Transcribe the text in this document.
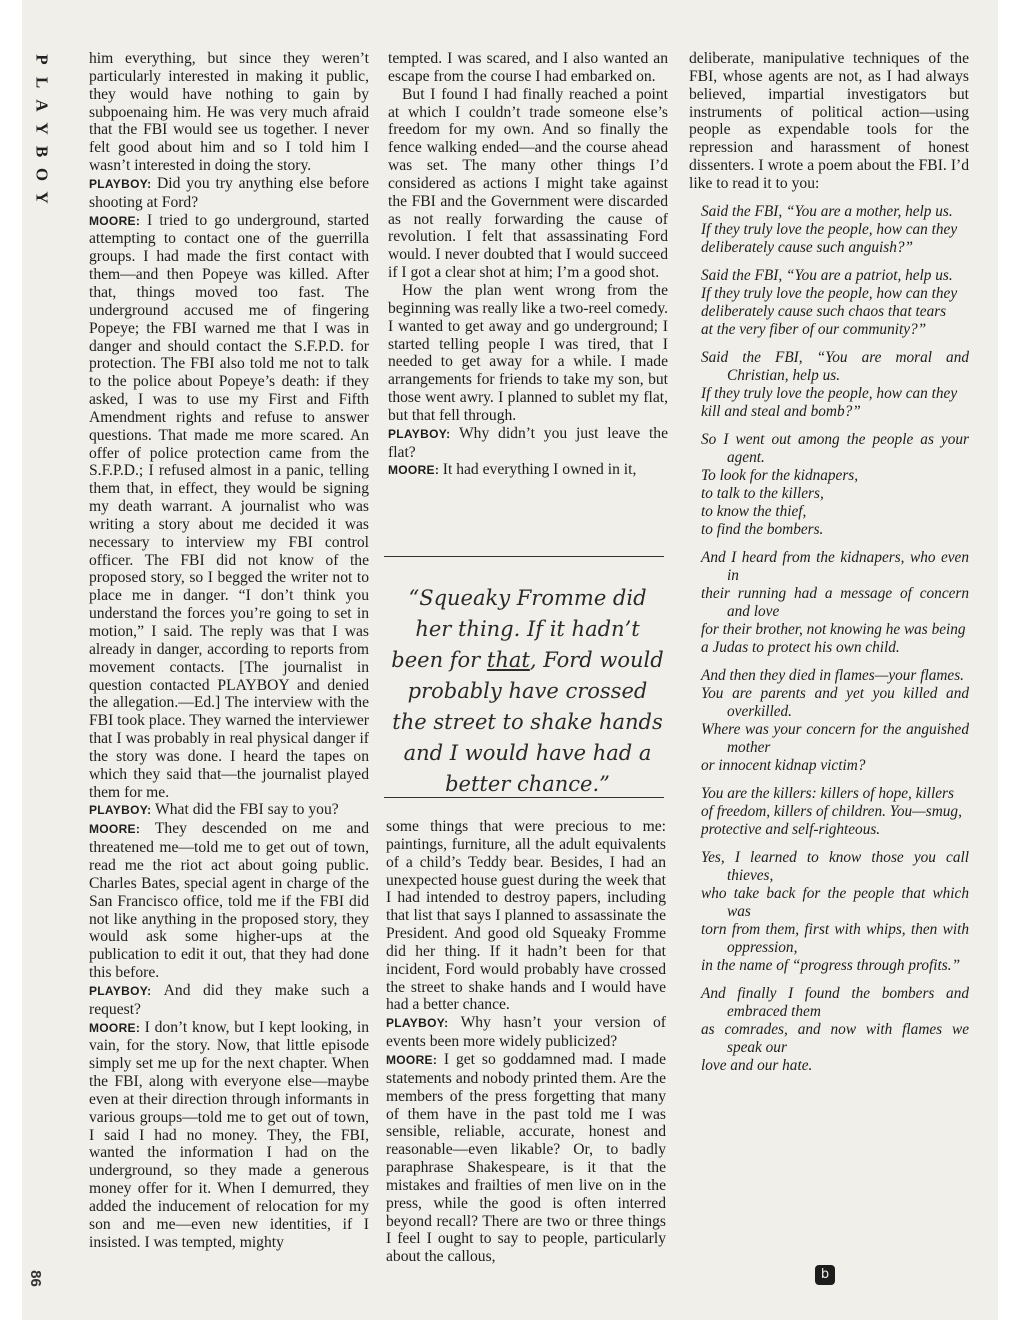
P
L
A
Y
B
O
Y
86

him everything, but since they weren’t particularly interested in making it public, they would have nothing to gain by subpoenaing him. He was very much afraid that the FBI would see us together. I never felt good about him and so I told him I wasn’t interested in doing the story.

PLAYBOY: Did you try anything else before shooting at Ford?

MOORE: I tried to go underground, started attempting to contact one of the guerrilla groups. I had made the first contact with them—and then Popeye was killed. After that, things moved too fast. The underground accused me of fingering Popeye; the FBI warned me that I was in danger and should contact the S.F.P.D. for protection. The FBI also told me not to talk to the police about Popeye’s death: if they asked, I was to use my First and Fifth Amendment rights and refuse to answer questions. That made me more scared. An offer of police protection came from the S.F.P.D.; I refused almost in a panic, telling them that, in effect, they would be signing my death warrant. A journalist who was writing a story about me decided it was necessary to interview my FBI control officer. The FBI did not know of the proposed story, so I begged the writer not to place me in danger. “I don’t think you understand the forces you’re going to set in motion,” I said. The reply was that I was already in danger, according to reports from movement contacts. [The journalist in question contacted PLAYBOY and denied the allegation.—Ed.] The interview with the FBI took place. They warned the interviewer that I was probably in real physical danger if the story was done. I heard the tapes on which they said that—the journalist played them for me.

PLAYBOY: What did the FBI say to you?

MOORE: They descended on me and threatened me—told me to get out of town, read me the riot act about going public. Charles Bates, special agent in charge of the San Francisco office, told me if the FBI did not like anything in the proposed story, they would ask some higher-ups at the publication to edit it out, that they had done this before.

PLAYBOY: And did they make such a request?

MOORE: I don’t know, but I kept looking, in vain, for the story. Now, that little episode simply set me up for the next chapter. When the FBI, along with everyone else—maybe even at their direction through informants in various groups—told me to get out of town, I said I had no money. They, the FBI, wanted the information I had on the underground, so they made a generous money offer for it. When I demurred, they added the inducement of relocation for my son and me—even new identities, if I insisted. I was tempted, mighty

tempted. I was scared, and I also wanted an escape from the course I had embarked on.

But I found I had finally reached a point at which I couldn’t trade someone else’s freedom for my own. And so finally the fence walking ended—and the course ahead was set. The many other things I’d considered as actions I might take against the FBI and the Government were discarded as not really forwarding the cause of revolution. I felt that assassinating Ford would. I never doubted that I would succeed if I got a clear shot at him; I’m a good shot.

How the plan went wrong from the beginning was really like a two-reel comedy. I wanted to get away and go underground; I started telling people I was tired, that I needed to get away for a while. I made arrangements for friends to take my son, but those went awry. I planned to sublet my flat, but that fell through.

PLAYBOY: Why didn’t you just leave the flat?

MOORE: It had everything I owned in it,

“Squeaky Fromme did her thing. If it hadn’t been for that, Ford would probably have crossed the street to shake hands and I would have had a better chance.”

some things that were precious to me: paintings, furniture, all the adult equivalents of a child’s Teddy bear. Besides, I had an unexpected house guest during the week that I had intended to destroy papers, including that list that says I planned to assassinate the President. And good old Squeaky Fromme did her thing. If it hadn’t been for that incident, Ford would probably have crossed the street to shake hands and I would have had a better chance.

PLAYBOY: Why hasn’t your version of events been more widely publicized?

MOORE: I get so goddamned mad. I made statements and nobody printed them. Are the members of the press forgetting that many of them have in the past told me I was sensible, reliable, accurate, honest and reasonable—even likable? Or, to badly paraphrase Shakespeare, is it that the mistakes and frailties of men live on in the press, while the good is often interred beyond recall? There are two or three things I feel I ought to say to people, particularly about the callous,

deliberate, manipulative techniques of the FBI, whose agents are not, as I had always believed, impartial investigators but instruments of political action—using people as expendable tools for the repression and harassment of honest dissenters. I wrote a poem about the FBI. I’d like to read it to you:

Said the FBI, “You are a mother, help us.
If they truly love the people, how can they
deliberately cause such anguish?”
Said the FBI, “You are a patriot, help us.
If they truly love the people, how can they
deliberately cause such chaos that tears
at the very fiber of our community?”
Said the FBI, “You are moral and Christian, help us.
If they truly love the people, how can they
kill and steal and bomb?”
So I went out among the people as your agent.
To look for the kidnapers,
to talk to the killers,
to know the thief,
to find the bombers.
And I heard from the kidnapers, who even in
their running had a message of concern and love
for their brother, not knowing he was being
a Judas to protect his own child.
And then they died in flames—your flames.
You are parents and yet you killed and overkilled.
Where was your concern for the anguished mother
or innocent kidnap victim?
You are the killers: killers of hope, killers
of freedom, killers of children. You—smug,
protective and self-righteous.
Yes, I learned to know those you call thieves,
who take back for the people that which was
torn from them, first with whips, then with oppression,
in the name of “progress through profits.”
And finally I found the bombers and embraced them
as comrades, and now with flames we speak our
love and our hate.
b
